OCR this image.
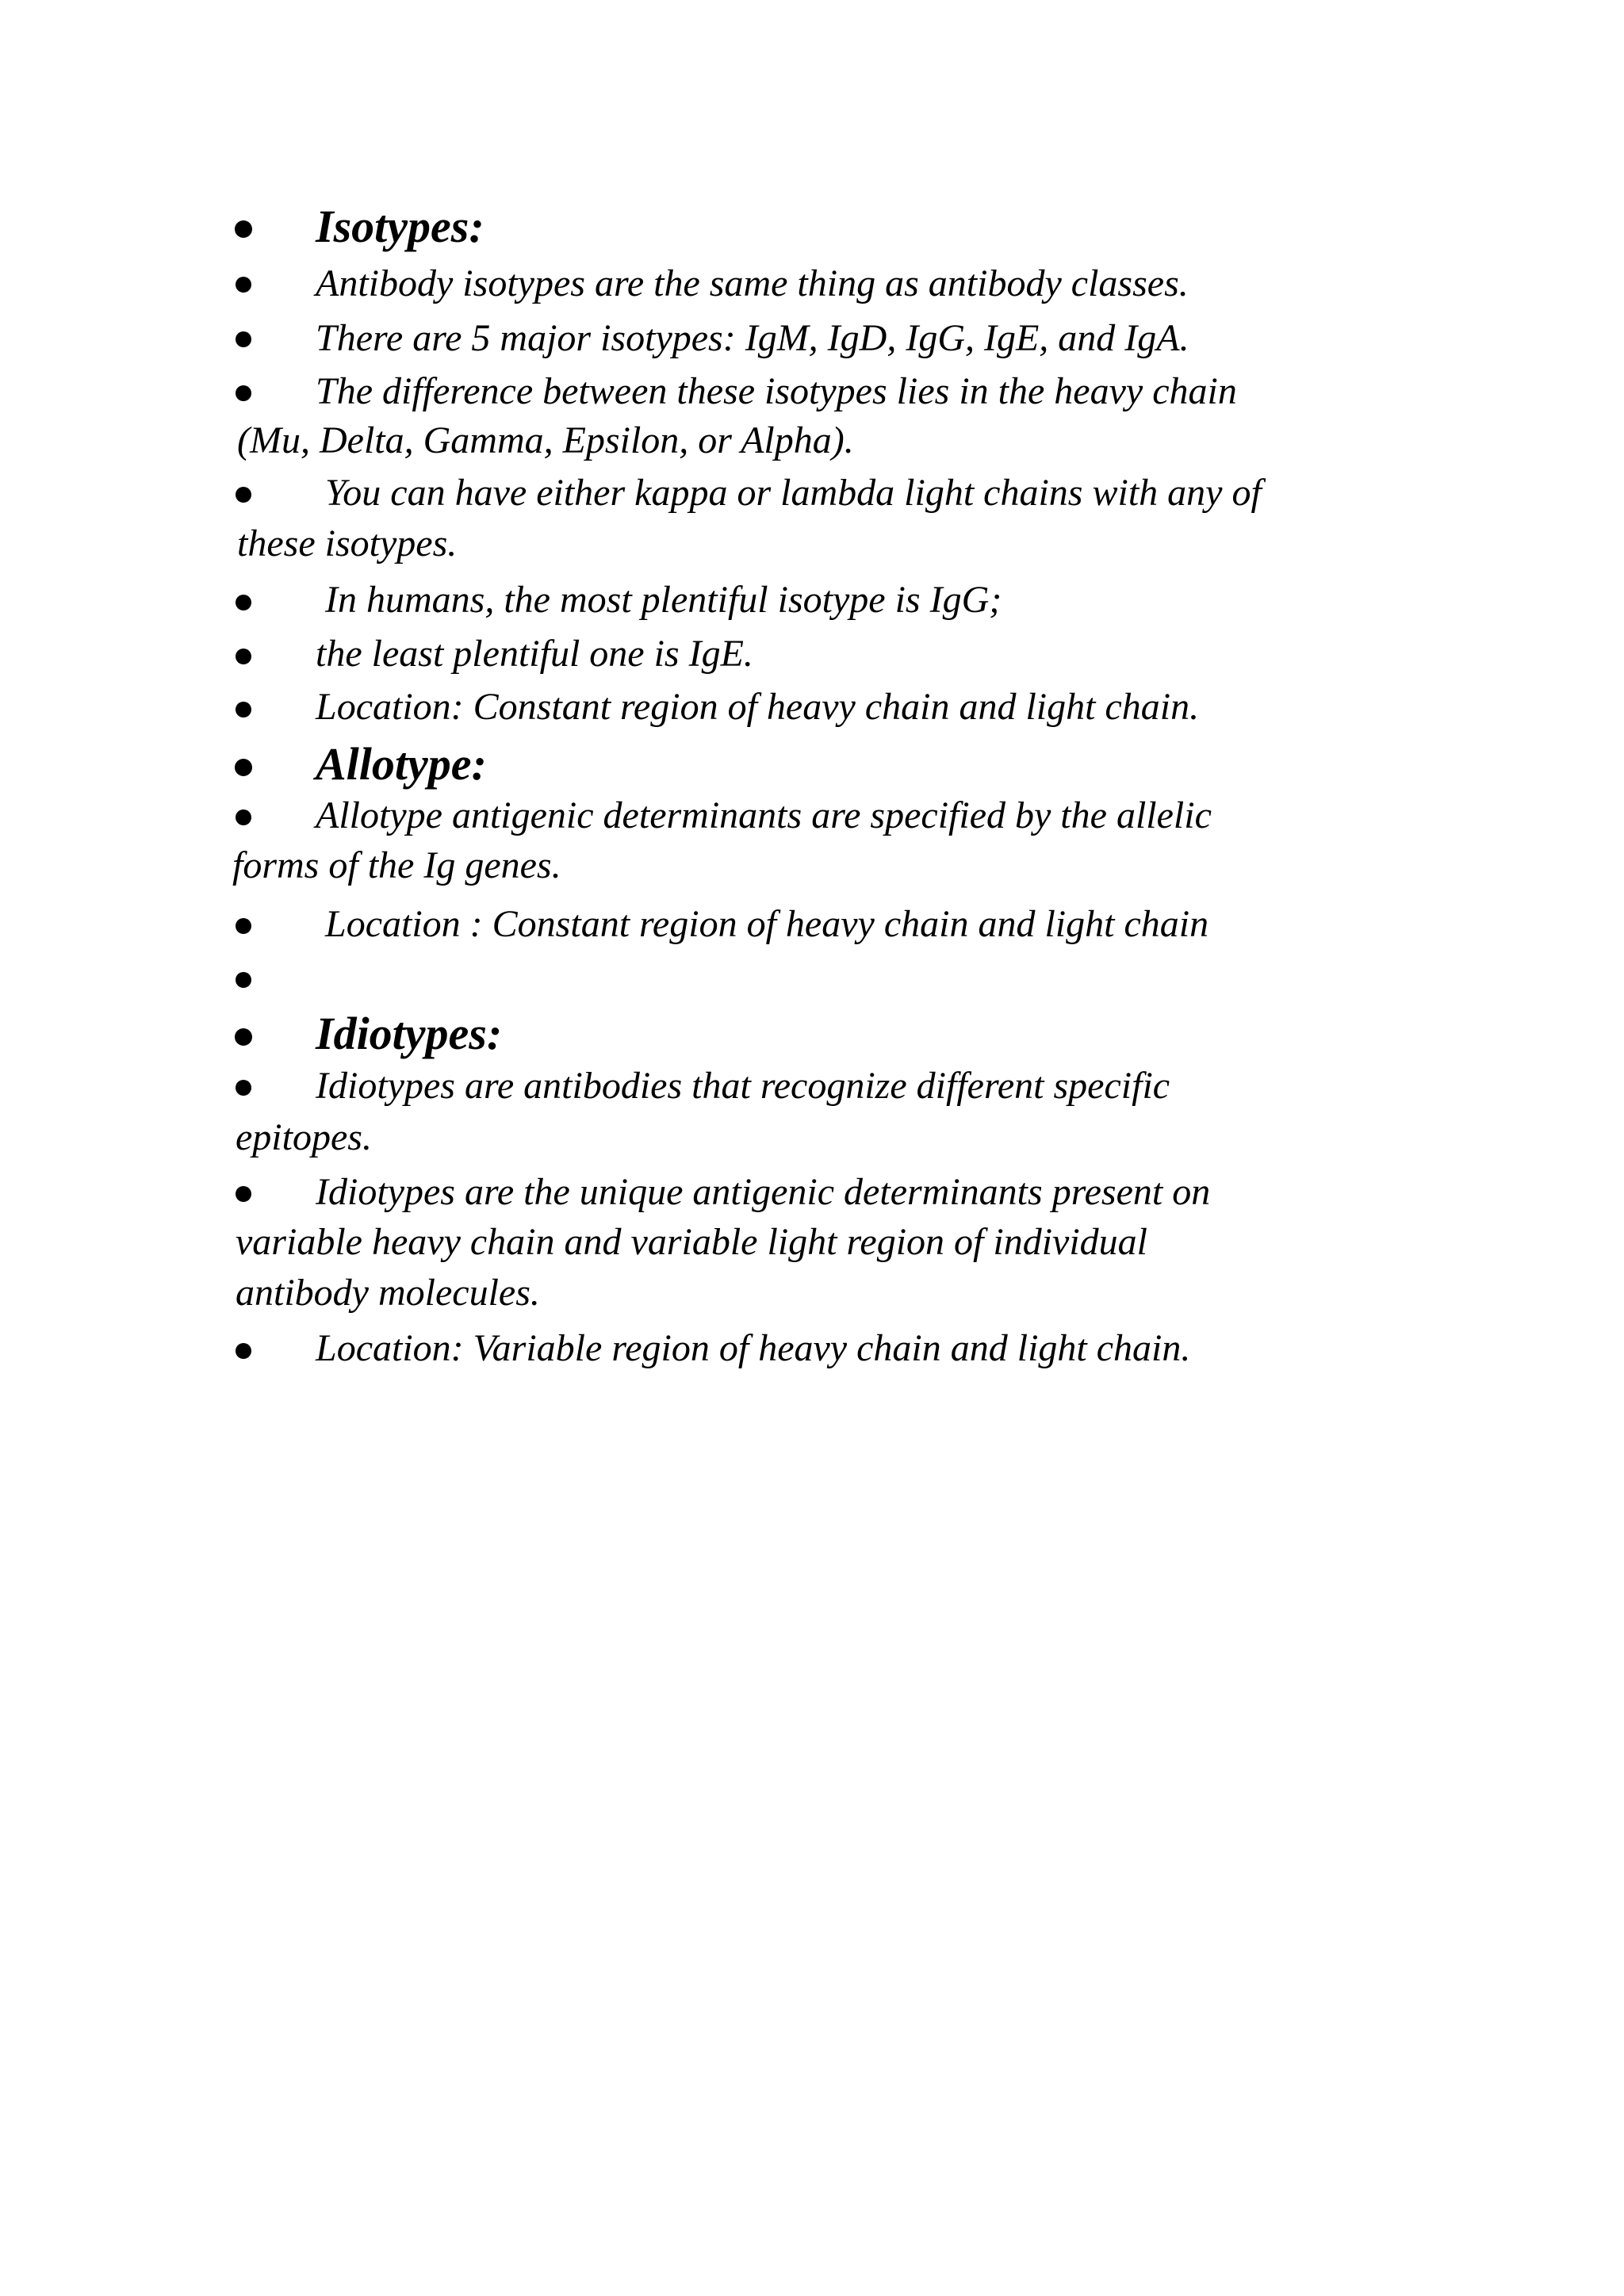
Isotypes:
Antibody isotypes are the same thing as antibody classes.
There are 5 major isotypes: IgM, IgD, IgG, IgE, and IgA.
The difference between these isotypes lies in the heavy chain
(Mu, Delta, Gamma, Epsilon, or Alpha).
You can have either kappa or lambda light chains with any of
these isotypes.
In humans, the most plentiful isotype is IgG;
the least plentiful one is IgE.
Location: Constant region of heavy chain and light chain.
Allotype:
Allotype antigenic determinants are specified by the allelic
forms of the Ig genes.
Location : Constant region of heavy chain and light chain
Idiotypes:
Idiotypes are antibodies that recognize different specific
epitopes.
Idiotypes are the unique antigenic determinants present on
variable heavy chain and variable light region of individual
antibody molecules.
Location: Variable region of heavy chain and light chain.
